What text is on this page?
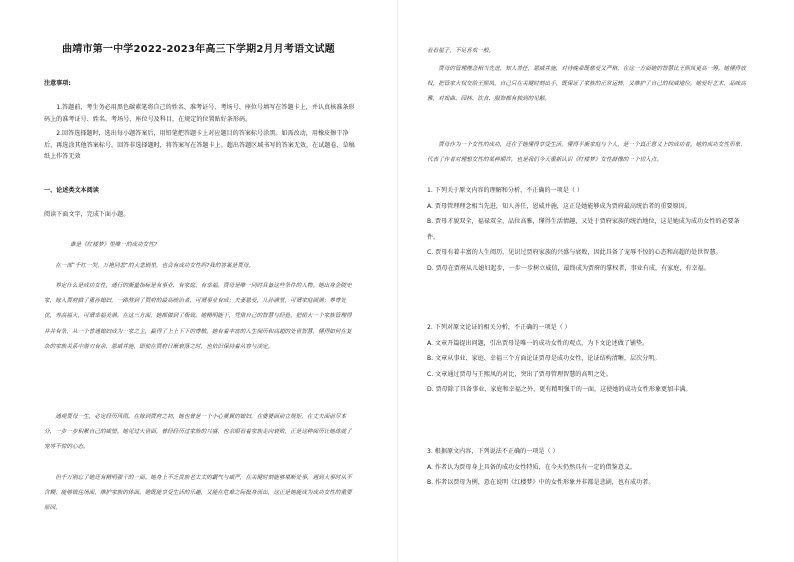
曲靖市第一中学2022-2023年高三下学期2月月考语文试题

注意事项:

1.答题前，考生务必用黑色碳素笔将自己的姓名、准考证号、考场号、座位号填写在答题卡上，并认真核准条形码上的准考证号、姓名、考场号、座位号及科目，在规定的位置贴好条形码。

2.回答选择题时，选出每小题答案后，用铅笔把答题卡上对应题目的答案标号涂黑。如需改动，用橡皮擦干净后，再选涂其他答案标号。回答非选择题时，将答案写在答题卡上。超出答题区域书写的答案无效，在试题卷、草稿纸上作答无效

一、论述类文本阅读

阅读下面文字，完成下面小题。

谁是《红楼梦》里唯一的成功女性?

在一部“千红一哭，万艳同悲”的大悲剧里，也会有成功女性吗?我的答案是贾母。

界定什么是成功女性，通行的衡量指标是有事业、有家庭、有幸福。贾母是唯一同时具备这些条件的人物。她出身金陵史家，嫁入贾府做了重孙媳妇，一路熬到了贾府的最高统治者，可谓事业有成；夫妻恩爱，儿孙满堂，可谓家庭圆满；养尊处优，寿高福大，可谓幸福美满。在这三方面，她都做到了极致。她精明能干，凭借自己的智慧与经验，把偌大一个家族管理得井井有条，从一个普通媳妇成为一家之主，赢得了上上下下的尊敬。她有着丰富的人生阅历和高超的处世智慧，懂得如何在复杂的家族关系中游刃有余，恩威并施，即使在贾府日渐衰落之时，也依旧保持着从容与淡定。

通观贾母一生，必定经历风雨。在嫁到贾府之初，她也曾是一个小心翼翼的媳妇，在婆婆面前立规矩，在丈夫面前尽本分，一步一步积累自己的威望。她见过大世面，曾经经历过家族的兴盛，也亲眼看着家族走向衰败，正是这种阅历让她练就了宠辱不惊的心态。

但千万别忘了她还有精明强干的一面。她身上不乏贵族老太太的霸气与威严，在关键时刻能够果断处事，遇到大事时从不含糊，能够镇住场面，维护家族的体面。她既能享受生活的乐趣，又能在危难之际挺身而出，这正是她能成为成功女性的重要原因。

看看屋子，不足喜欢一般。

贾母的管理理念相当先进，知人善任，恩威并施，对待晚辈既慈爱又严格，在这一方面她的智慧比王熙凤更高一筹。她懂得放权，把管家大权交给王熙凤，自己只在关键时刻出手，既保证了家族的正常运转，又维护了自己的权威地位。她爱好艺术，品味高雅，对戏曲、园林、饮食、服饰都有独到的见解。

贾母作为一个女性的成功，还在于她懂得享受生活，懂得平衡家庭与个人，是一个真正意义上的成功者。她的成功女性形象，代表了作者对理想女性的某种期许，也是我们今天重新认识《红楼梦》女性群像的一个切入点。

1. 下列关于原文内容的理解和分析，不正确的一项是（ ）

A. 贾母管理理念相当先进，知人善任，恩威并施，这正是她能够成为贾府最高统治者的重要原因。

B. 贾母才貌双全，福禄双全，品位高雅，懂得生活情趣，又处于贾府家族的统治地位，这是她成为成功女性的必要条件。

C. 贾母有着丰富的人生阅历，见识过贾府家族的兴盛与衰败，因此具备了宠辱不惊的心态和高超的处世智慧。

D. 贾母在贾府从儿媳妇起步，一步一步树立威信，最终成为贾府的掌权者，事业有成，有家庭，有幸福。

2. 下列对原文论证的相关分析，不正确的一项是（ ）

A. 文章开篇提出问题，引出贾母是唯一的成功女性的观点，为下文论述做了铺垫。

B. 文章从事业、家庭、幸福三个方面论证贾母是成功女性，论证结构清晰，层次分明。

C. 文章通过贾母与王熙凤的对比，突出了贾母管理智慧的高明之处。

D. 贾母除了具备事业、家庭和幸福之外，更有精明强干的一面，这使她的成功女性形象更加丰满。

3. 根据原文内容，下列说法不正确的一项是（ ）

A. 作者认为贾母身上具备的成功女性特质，在今天仍然具有一定的借鉴意义。

B. 作者以贾母为例，意在说明《红楼梦》中的女性形象并非都是悲剧，也有成功者。
